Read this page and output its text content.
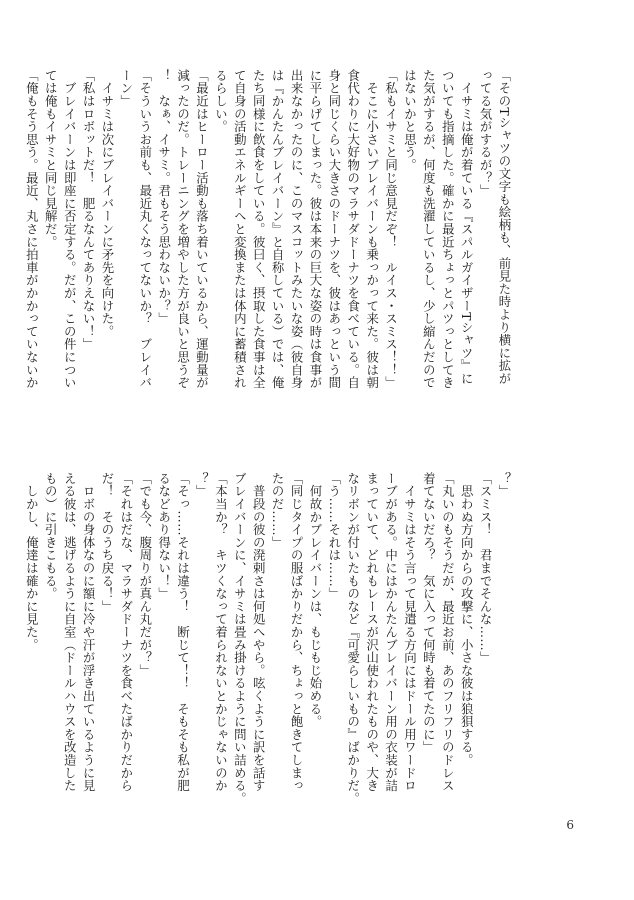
「そのTシャツの文字も絵柄も、前見た時より横に拡が
ってる気がするが？」
　イサミは俺が着ている『スパルガイザーTシャツ』に
ついても指摘した。確かに最近ちょっとパツっとしてき
た気がするが、何度も洗濯しているし、少し縮んだので
はないかと思う。
「私もイサミと同じ意見だぞ！　ルイス・スミス！！」
　そこに小さいブレイバーンも乗っかって来た。彼は朝
食代わりに大好物のマラサダドーナツを食べている。自
身と同じくらい大きさのドーナツを、彼はあっという間
に平らげてしまった。彼は本来の巨大な姿の時は食事が
出来なかったのに、このマスコットみたいな姿（彼自身
は『かんたんブレイバーン』と自称している）では、俺
たち同様に飲食をしている。彼曰く、摂取した食事は全
て自身の活動エネルギーへと変換または体内に蓄積され
るらしい。
「最近はヒーロー活動も落ち着いているから、運動量が
減ったのだ。トレーニングを増やした方が良いと思うぞ
！　なぁ、イサミ。君もそう思わないか？」
「そういうお前も、最近丸くなってないか？　ブレイバ
ーン」
　イサミは次にブレイバーンに矛先を向けた。
「私はロボットだ！　肥るなんてありえない！」
　ブレイバーンは即座に否定する。だが、この件につい
ては俺もイサミと同じ見解だ。
「俺もそう思う。最近、丸さに拍車がかかっていないか
？」
「スミス！　君までそんな……」
　思わぬ方向からの攻撃に、小さな彼は狼狽する。
「丸いのもそうだが、最近お前、あのフリフリのドレス
着てないだろ？　気に入って何時も着てたのに」
　イサミはそう言って見遣る方向にはドール用ワードロ
ーブがある。中にはかんたんブレイバーン用の衣装が詰
まっていて、どれもレースが沢山使われたものや、大き
なリボンが付いたものなど『可愛らしいもの』ばかりだ。
「う……それは……」
　何故かブレイバーンは、もじもじ始める。
「同じタイプの服ばかりだから、ちょっと飽きてしまっ
たのだ……」
　普段の彼の溌剌さは何処へやら。呟くように訳を話す
ブレイバーンに、イサミは畳み掛けるように問い詰める。
「本当か？　キツくなって着られないとかじゃないのか
？」
「そっ……それは違う！　断じて！！　そもそも私が肥
るなどあり得ない！」
「でも今、腹周りが真ん丸だが？」
「それはだな、マラサダドーナツを食べたばかりだから
だ！　そのうち戻る！」
　ロボの身体なのに額に冷や汗が浮き出ているように見
える彼は、逃げるように自室（ドールハウスを改造した
もの）に引きこもる。
　しかし、俺達は確かに見た。
6
